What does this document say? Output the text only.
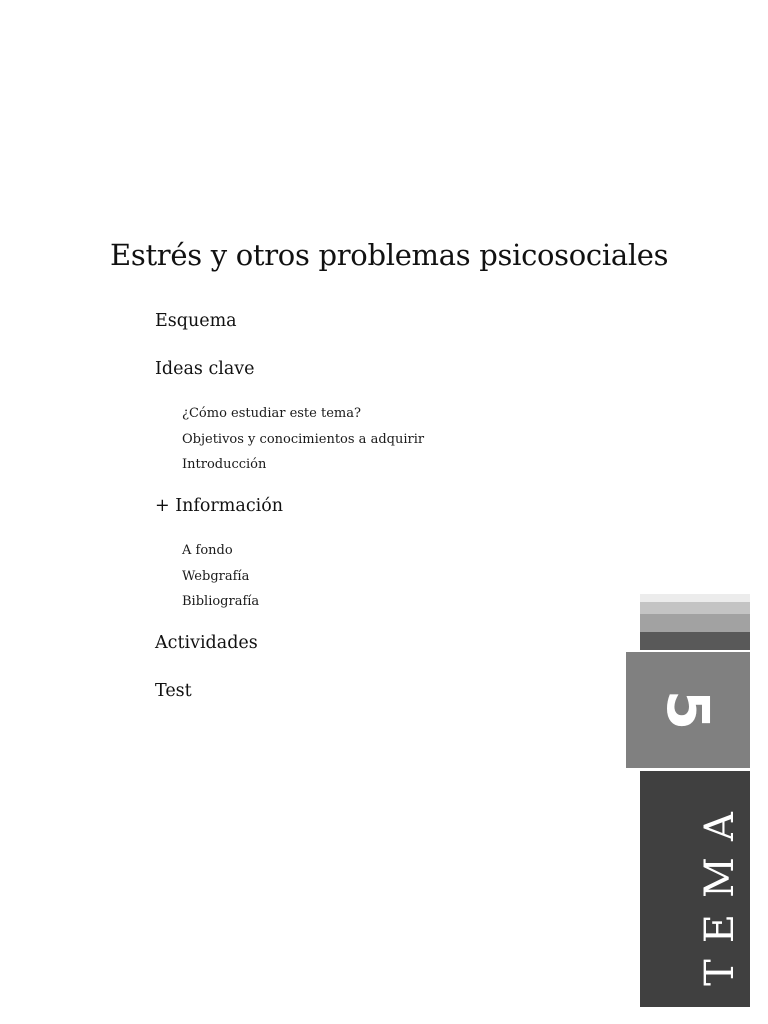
Estrés y otros problemas psicosociales
Esquema
Ideas clave
¿Cómo estudiar este tema?
Objetivos y conocimientos a adquirir
Introducción
+ Información
A fondo
Webgrafía
Bibliografía
Actividades
Test	5
TEMA
